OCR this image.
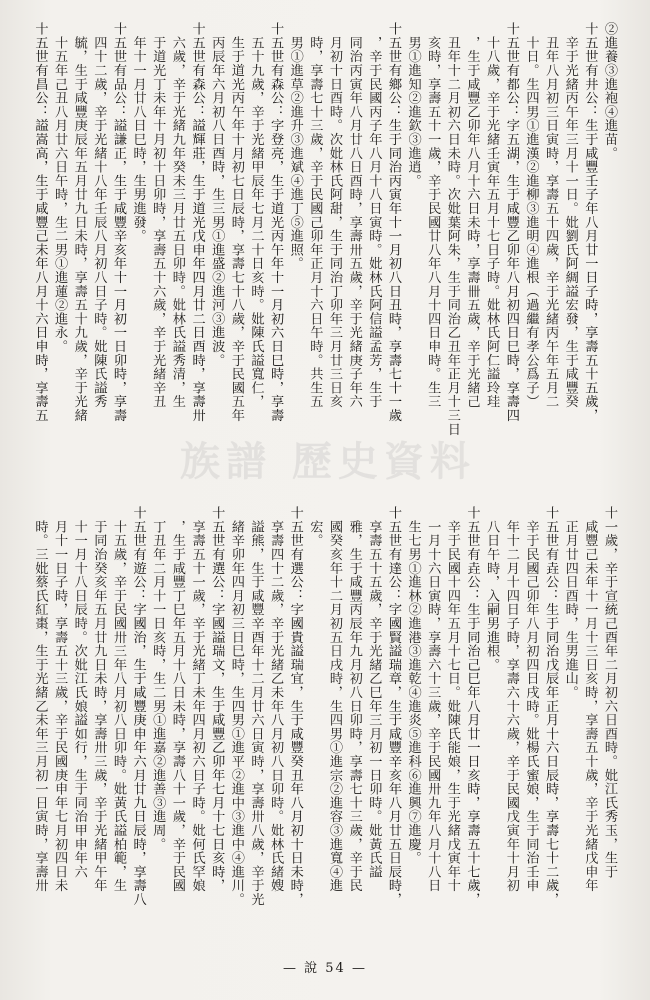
族譜 歷史資料
②進養③進袍④進苗。
十五世有井公：生于咸豐壬子年八月廿一日子時，享壽五十五歲，
　辛于光緒丙午年三月十一日。妣劉氏阿綢謚宏發，生于咸豐癸
　丑年八月初三日寅時，享壽五十四歲，辛于光緒丙午年五月二
　十日。生四男①進漢②進柳③進明④進根（過繼有孝公爲子）
十五世有都公：字五湖，生于咸豐乙卯年八月初四日巳時，享壽四
　十八歲，辛于光緒壬寅年五月十七日子時。妣林氏阿仁謚玲珪
　，生于咸豐乙卯年八月十六日未時，享壽卌五歲，辛于光緒己
　丑年十二月初六日未時。次妣葉阿朱，生于同治乙丑年正月十三日
　亥時，享壽五十一歲，辛于民國廿八年八月十四日申時。生三
　男①進知②進欽③進逍。
十五世有鄉公：生于同治丙寅年十一月初八日丑時，享壽七十一歲
　，辛于民國丙子年八月十八日寅時。妣林氏阿信謚孟芳，生于
　同治丙寅年八月廿八日酉時，享壽卅五歲，辛于光緒庚子年六
　月初十日酉時。次妣林氏阿甜，生于同治丁卯年三月廿三日亥
　時，享壽七十三歲，辛于民國己卯年正月十六日午時。共生五
　男①進草②進升③進斌④進丁⑤進照。
十五世有森公：字登亮，生于道光丙午年十一月初六日巳時，享壽
　五十九歲，辛于光緒甲辰年七月二十日亥時。妣陳氏謚寬仁，
　生于道光丙午年十月初七日辰時，享壽七十八歲，辛于民國五年
　丙辰年六月初八日酉時，生三男①進盛②進河③進波。
十五世有森公：謚輝莊，生于道光戊申年四月廿二日酉時，享壽卅
　六歲，辛于光緒九年癸未三月廿五日卯時。妣林氏謚秀清，生
　于道光丁未年十月初十日卯時，享壽五十六歲，辛于光緒辛丑
　年十一月廿八日巳時，生男進發。
十五世有品公：謚謙正，生于咸豐辛亥年十一月初一日卯時，享壽
　四十二歲，辛于光緒十八年壬辰八月初八日子時。妣陳氏謚秀
　毓，生于咸豐庚辰年五月廿九日未時，享壽五十九歲，辛于光緒
　十五年己丑八月廿六日午時，生二男①進蓮②進永。
十五世有昌公：謚嵩高，生于咸豐己未年八月十六日申時，享壽五
十一歲，辛于宣統己酉年二月初六日酉時。妣江氏秀玉，生于
　咸豐己未年十一月十三日亥時，享壽五十歲，辛于光緒戊申年
　正月廿四日酉時，生男進山。
十五世有垚公：生于同治戊辰年正月十六日辰時，享壽七十二歲，
　辛于民國己卯年八月初四日戌時。妣楊氏蜜娘，生于同治壬申
　年十二月十四日子時，享壽六十六歲，辛于民國戊寅年十月初
　八日午時，入嗣男進根。
十五世有垚公：生于同治己巳年八月廿一日亥時，享壽五十七歲，
　辛于民國十四年五月十七日。妣陳氏能娘，生于光緒戊寅年十
　一月十六日寅時，享壽六十三歲，辛于民國卅九年八月十八日
　生七男①進林②進港③進乾④進炎⑤進科⑥進興⑦進慶。
十五世有達公：字國賢謚瑞章，生于咸豐辛亥年八月廿五日辰時，
　享壽五十五歲，辛于光緒乙巳年三月初一日卯時。妣黃氏謚
　雅，生于咸豐丙辰年九月初八日卯時，享壽七十三歲，辛于民
　國癸亥年十二月初五日戌時，生四男①進宗②進容③進寬④進
　宏。
十五世有選公：字國貴謚瑞宜，生于咸豐癸丑年八月初十日未時，
　享壽四十二歲，辛于光緒乙未年八月初八日卯時。妣林氏緒嫂
　謚熊，生于咸豐辛酉年十二月廿六日寅時，享壽卅八歲，辛于光
　緒辛卯年四月初三日巳時，生四男①進平②進中③進中④進川。
十五世有選公：字國謚瑞文，生于咸豐乙卯年七月十七日亥時，
　享壽五十一歲，辛于光緒丁未年四月初六日子時。妣何氏罕娘
　，生于咸豐丁巳年五月十八日未時，享壽八十一歲，辛于民國
　丁丑年二月十一日亥時，生二男①進嘉②進善③進周。
十五世有遊公：字國治，生于咸豐庚申年六月廿九日辰時，享壽八
　十五歲，辛于民國卅三年八月初八日卯時。妣黃氏謚柏範，生
　于同治癸亥年五月廿九日未時，享壽卅三歲，辛于光緒甲午年
　十一月十八日辰時。次妣江氏娘謚如行，生于同治甲申年六
　月十一日子時，享壽五十三歲，辛于民國庚申年七月初四日未
　時。三妣蔡氏紅棗，生于光緒乙未年三月初一日寅時，享壽卅
— 說 54 —
